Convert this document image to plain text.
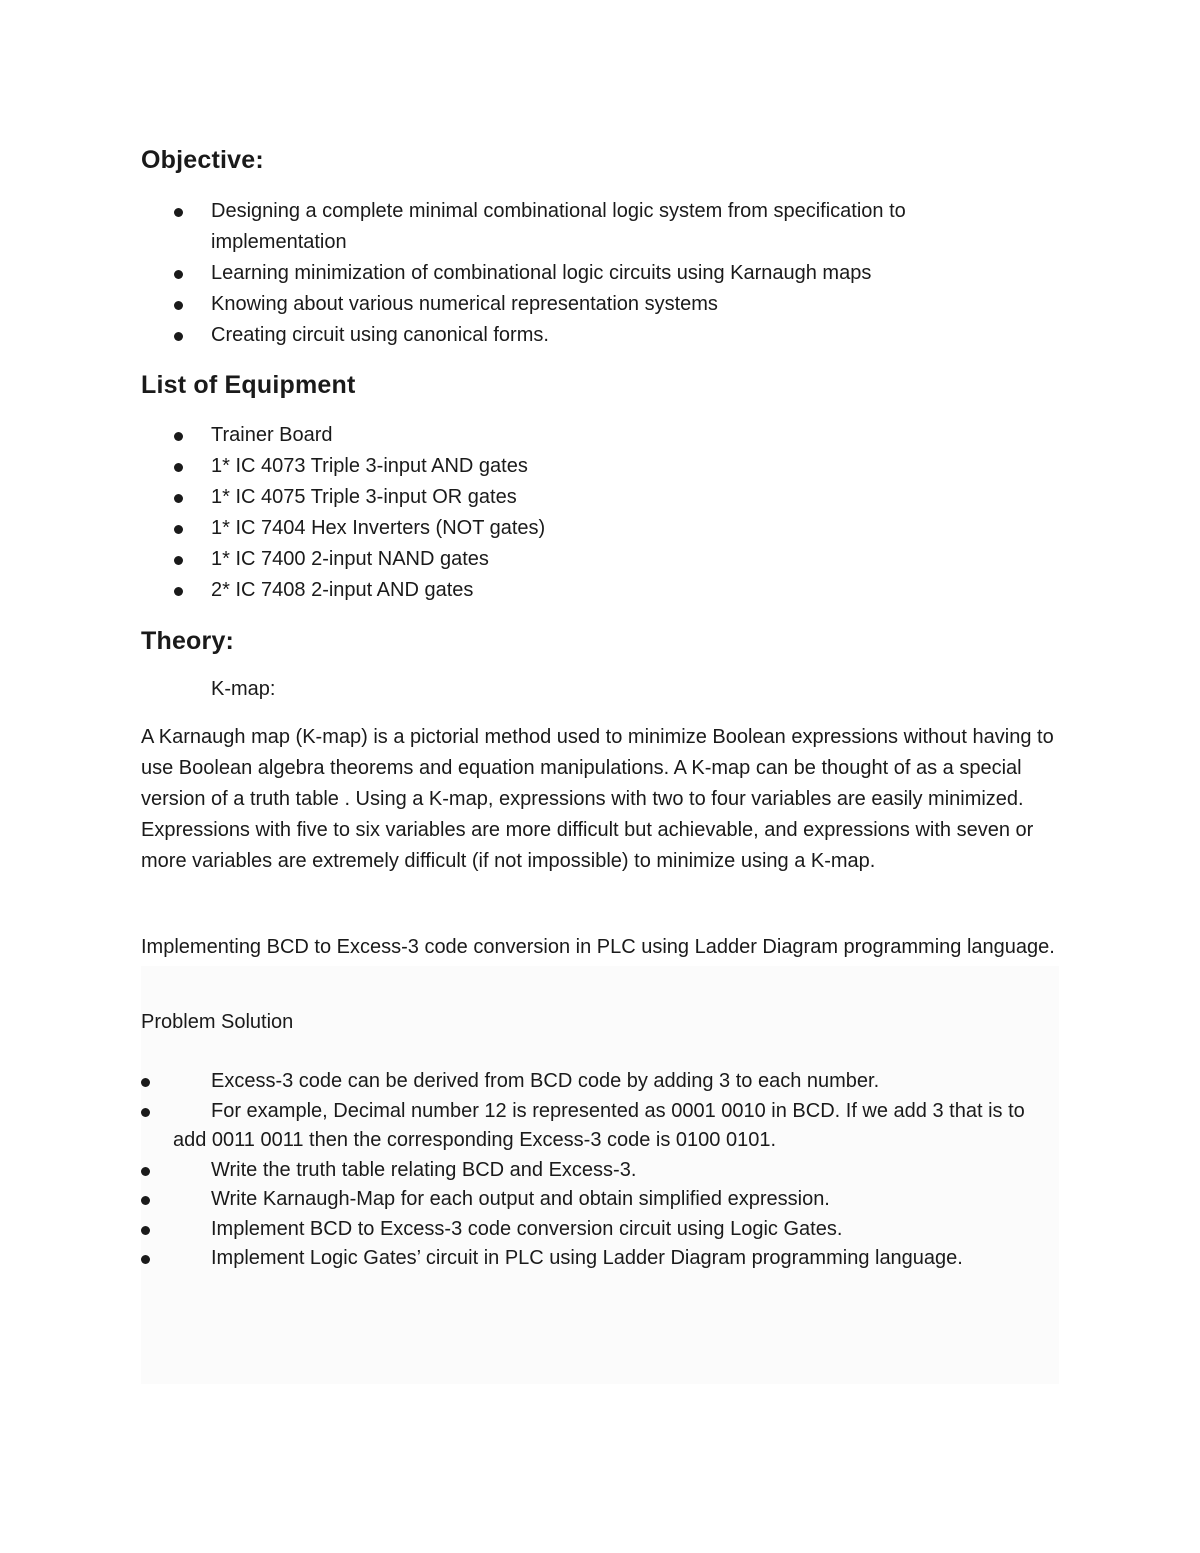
Objective:
Designing a complete minimal combinational logic system from specification to implementation
Learning minimization of combinational logic circuits using Karnaugh maps
Knowing about various numerical representation systems
Creating circuit using canonical forms.
List of Equipment
Trainer Board
1* IC 4073 Triple 3-input AND gates
1* IC 4075 Triple 3-input OR gates
1* IC 7404 Hex Inverters (NOT gates)
1* IC 7400 2-input NAND gates
2* IC 7408 2-input AND gates
Theory:
K-map:

A Karnaugh map (K-map) is a pictorial method used to minimize Boolean expressions without having to use Boolean algebra theorems and equation manipulations. A K-map can be thought of as a special version of a truth table . Using a K-map, expressions with two to four variables are easily minimized. Expressions with five to six variables are more difficult but achievable, and expressions with seven or more variables are extremely difficult (if not impossible) to minimize using a K-map.

Implementing BCD to Excess-3 code conversion in PLC using Ladder Diagram programming language.

Problem Solution
Excess-3 code can be derived from BCD code by adding 3 to each number.
For example, Decimal number 12 is represented as 0001 0010 in BCD. If we add 3 that is to add 0011 0011 then the corresponding Excess-3 code is 0100 0101.
Write the truth table relating BCD and Excess-3.
Write Karnaugh-Map for each output and obtain simplified expression.
Implement BCD to Excess-3 code conversion circuit using Logic Gates.
Implement Logic Gates’ circuit in PLC using Ladder Diagram programming language.
